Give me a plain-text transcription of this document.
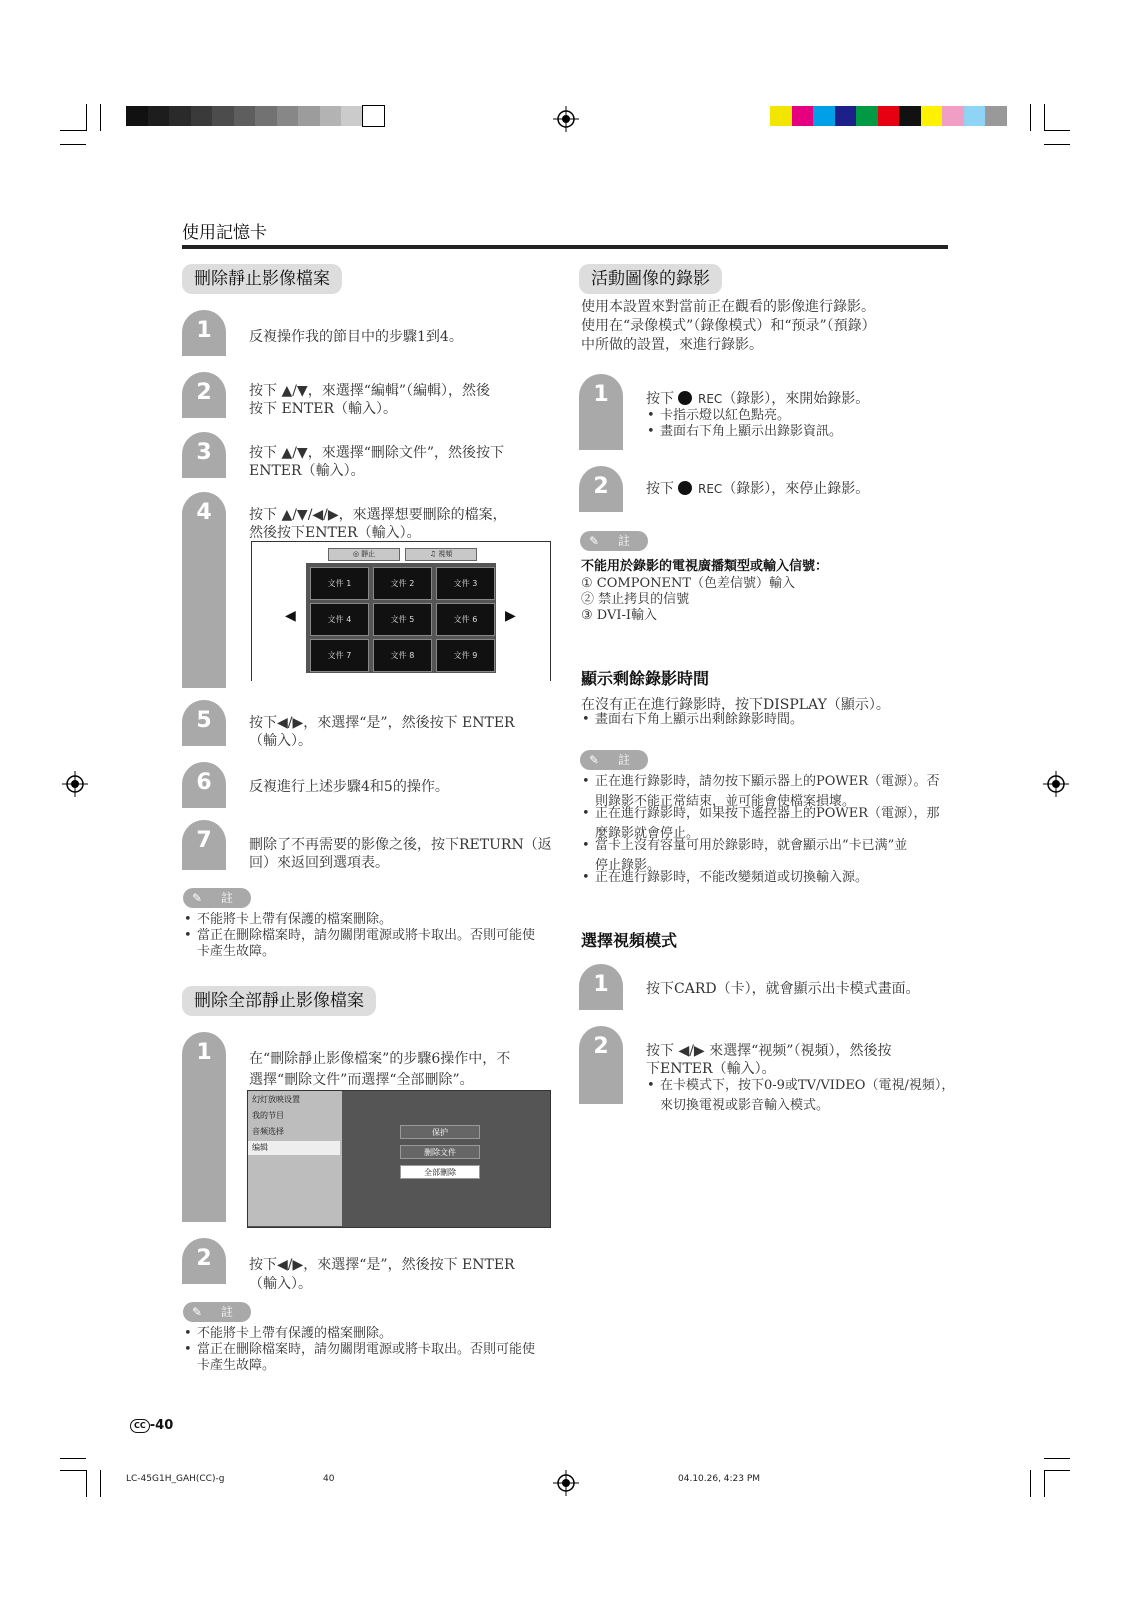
使用記憶卡
刪除靜止影像檔案
1	反複操作我的節目中的步驟1到4。
2	按下 ▲/▼，來選擇“編輯”（編輯），然後
按下 ENTER（輸入）。
3	按下 ▲/▼，來選擇“刪除文件”，然後按下
ENTER（輸入）。
4	按下 ▲/▼/◀/▶，來選擇想要刪除的檔案，
然後按下ENTER（輸入）。
◎ 靜止	♫ 視頻
文件 1	文件 2	文件 3
文件 4	文件 5	文件 6
文件 7	文件 8	文件 9
◀	▶
5	按下◀/▶，來選擇“是”，然後按下 ENTER
（輸入）。
6	反複進行上述步驟4和5的操作。
7	刪除了不再需要的影像之後，按下RETURN（返
回）來返回到選項表。
✎ 註
• 不能將卡上帶有保護的檔案刪除。
• 當正在刪除檔案時，請勿關閉電源或將卡取出。否則可能使
卡產生故障。
刪除全部靜止影像檔案
1	在“刪除靜止影像檔案”的步驟6操作中，不
選擇“刪除文件”而選擇“全部刪除”。
幻灯放映设置
我的节目
音频选择
编辑
保护
删除文件
全部刪除
2	按下◀/▶，來選擇“是”，然後按下 ENTER
（輸入）。
✎ 註
• 不能將卡上帶有保護的檔案刪除。
• 當正在刪除檔案時，請勿關閉電源或將卡取出。否則可能使
卡產生故障。
活動圖像的錄影
使用本設置來對當前正在觀看的影像進行錄影。
使用在“录像模式”（錄像模式）和“预录”（預錄）
中所做的設置，來進行錄影。
1	按下 REC（錄影），來開始錄影。
• 卡指示燈以紅色點亮。
• 畫面右下角上顯示出錄影資訊。
2	按下 REC（錄影），來停止錄影。
✎ 註
不能用於錄影的電視廣播類型或輸入信號：
① COMPONENT（色差信號）輸入
② 禁止拷貝的信號
③ DVI-I輸入
顯示剩餘錄影時間
在沒有正在進行錄影時，按下DISPLAY（顯示）。
• 畫面右下角上顯示出剩餘錄影時間。
✎ 註
• 正在進行錄影時，請勿按下顯示器上的POWER（電源）。否
則錄影不能正常結束，並可能會使檔案損壞。
• 正在進行錄影時，如果按下遙控器上的POWER（電源），那
麼錄影就會停止。
• 當卡上沒有容量可用於錄影時，就會顯示出“卡已满”並
停止錄影。
• 正在進行錄影時，不能改變頻道或切換輸入源。
選擇視頻模式
1	按下CARD（卡），就會顯示出卡模式畫面。
2	按下 ◀/▶ 來選擇“视频”（視頻），然後按
下ENTER（輸入）。
• 在卡模式下，按下0-9或TV/VIDEO（電視/視頻），
來切換電視或影音輸入模式。
CC -40
LC-45G1H_GAH(CC)-g	40	04.10.26, 4:23 PM
